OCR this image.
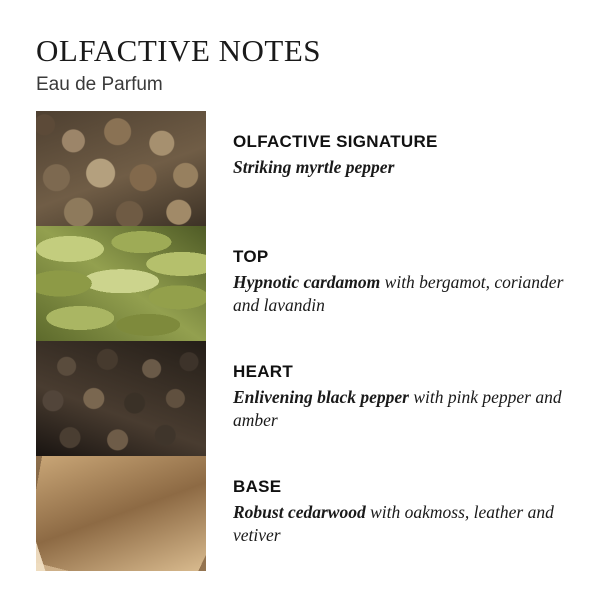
OLFACTIVE NOTES

Eau de Parfum

OLFACTIVE SIGNATURE

Striking myrtle pepper

TOP

Hypnotic cardamom with bergamot, coriander and lavandin

HEART

Enlivening black pepper with pink pepper and amber

BASE

Robust cedarwood with oakmoss, leather and vetiver
